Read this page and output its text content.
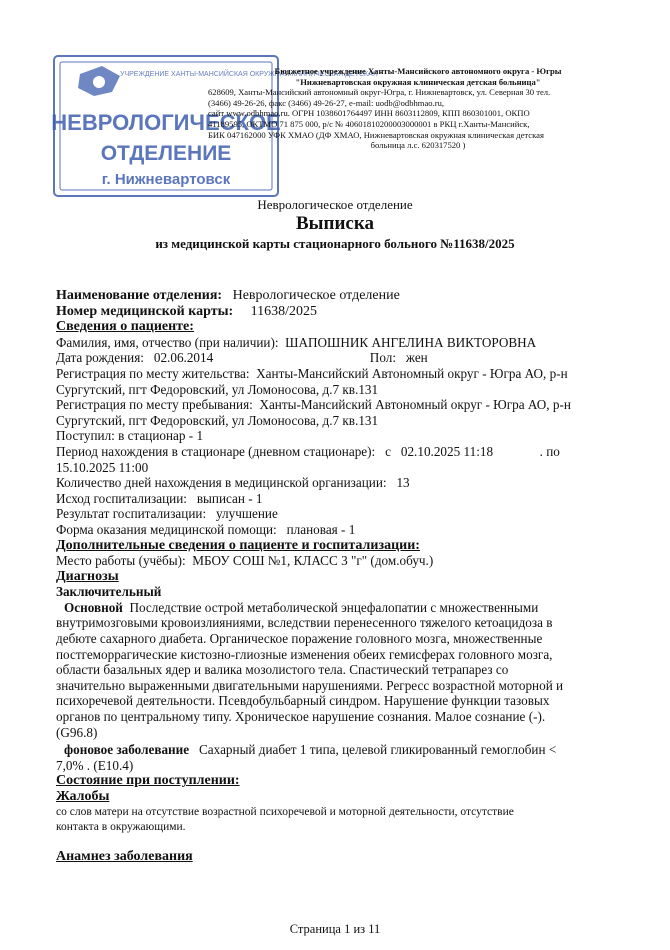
УЧРЕЖДЕНИЕ ХАНТЫ-МАНСИЙСКАЯ ОКРУЖНАЯ КЛИНИЧЕСКАЯ ДЕТСКАЯ
НЕВРОЛОГИЧЕСКОЕ
ОТДЕЛЕНИЕ
г. Нижневартовск
Бюджетное учреждение Ханты-Мансийского автономного округа - Югры
"Нижневартовская окружная клиническая детская больница"
628609, Ханты-Мансийский автономный округ-Югра, г. Нижневартовск, ул. Северная 30 тел.
(3466) 49-26-26, факс (3466) 49-26-27, e-mail: uodb@odbhmao.ru,
сайт www.odbhmao.ru. ОГРН 1038601764497 ИНН 8603112809, КПП 860301001, ОКПО
41189595, ОКТМО 71 875 000, р/с № 40601810200003000001 в РКЦ г.Ханты-Мансийск,
БИК 047162000 УФК ХМАО (ДФ ХМАО, Нижневартовская окружная клиническая детская
больница л.с. 620317520 )
Неврологическое отделение
Выписка
из медицинской карты стационарного больного №11638/2025
Наименование отделения: Неврологическое отделение
Номер медицинской карты: 11638/2025
Сведения о пациенте:
Фамилия, имя, отчество (при наличии): ШАПОШНИК АНГЕЛИНА ВИКТОРОВНА
Дата рождения: 02.06.2014	Пол: жен
Регистрация по месту жительства: Ханты-Мансийский Автономный округ - Югра АО, р-н
Сургутский, пгт Федоровский, ул Ломоносова, д.7 кв.131
Регистрация по месту пребывания: Ханты-Мансийский Автономный округ - Югра АО, р-н
Сургутский, пгт Федоровский, ул Ломоносова, д.7 кв.131
Поступил: в стационар - 1
Период нахождения в стационаре (дневном стационаре): с 02.10.2025 11:18	. по
15.10.2025 11:00
Количество дней нахождения в медицинской организации: 13
Исход госпитализации: выписан - 1
Результат госпитализации: улучшение
Форма оказания медицинской помощи: плановая - 1
Дополнительные сведения о пациенте и госпитализации:
Место работы (учёбы): МБОУ СОШ №1, КЛАСС 3 "г" (дом.обуч.)
Диагнозы
Заключительный
Основной Последствие острой метаболической энцефалопатии с множественными
внутримозговыми кровоизлияниями, вследствии перенесенного тяжелого кетоацидоза в
дебюте сахарного диабета. Органическое поражение головного мозга, множественные
постгеморрагические кистозно-глиозные изменения обеих гемисферах головного мозга,
области базальных ядер и валика мозолистого тела. Спастический тетрапарез со
значительно выраженными двигательными нарушениями. Регресс возрастной моторной и
психоречевой деятельности. Псевдобульбарный синдром. Нарушение функции тазовых
органов по центральному типу. Хроническое нарушение сознания. Малое сознание (-).
(G96.8)
фоновое заболевание Сахарный диабет 1 типа, целевой гликированный гемоглобин <
7,0% . (E10.4)
Состояние при поступлении:
Жалобы
со слов матери на отсутствие возрастной психоречевой и моторной деятельности, отсутствие
контакта в окружающими.
Анамнез заболевания
Страница 1 из 11
